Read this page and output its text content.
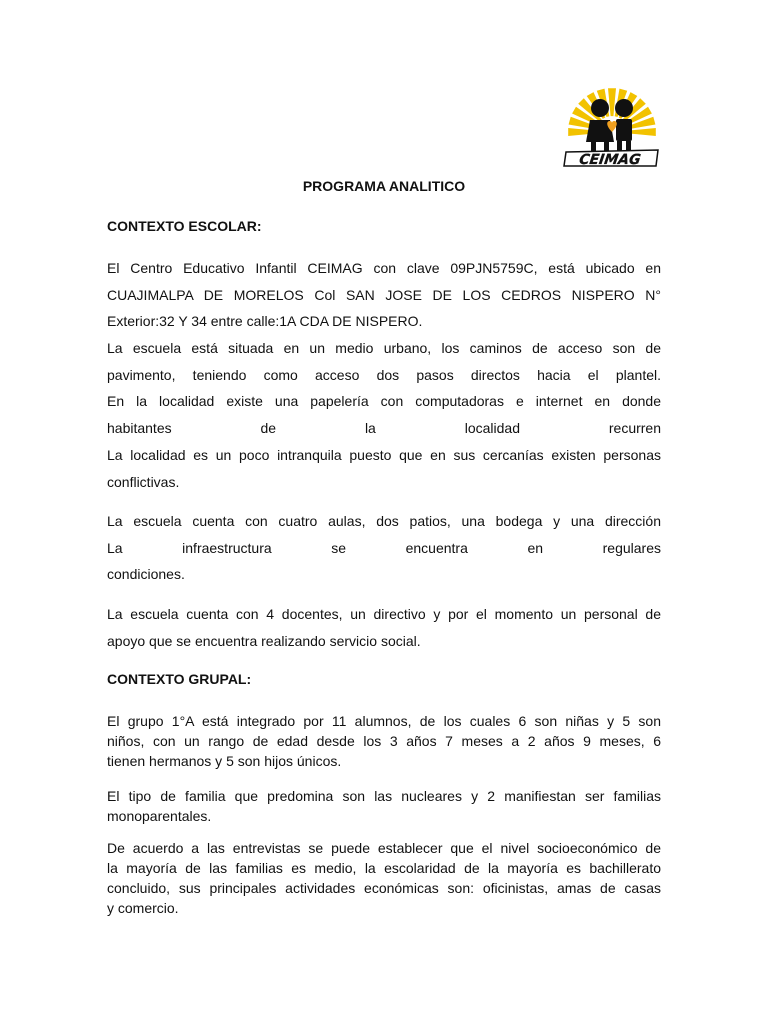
CEIMAG
PROGRAMA ANALITICO
CONTEXTO ESCOLAR:
El Centro Educativo Infantil CEIMAG con clave 09PJN5759C, está ubicado en
CUAJIMALPA DE MORELOS Col SAN JOSE DE LOS CEDROS NISPERO N°
Exterior:32 Y 34 entre calle:1A CDA DE NISPERO.
La escuela está situada en un medio urbano, los caminos de acceso son de
pavimento, teniendo como acceso dos pasos directos hacia el plantel.
En la localidad existe una papelería con computadoras e internet en donde
habitantes de la localidad recurren
La localidad es un poco intranquila puesto que en sus cercanías existen personas
conflictivas.
La escuela cuenta con cuatro aulas, dos patios, una bodega y una dirección
La infraestructura se encuentra en regulares
condiciones.
La escuela cuenta con 4 docentes, un directivo y por el momento un personal de
apoyo que se encuentra realizando servicio social.
CONTEXTO GRUPAL:
El grupo 1°A está integrado por 11 alumnos, de los cuales 6 son niñas y 5 son
niños, con un rango de edad desde los 3 años 7 meses a 2 años 9 meses, 6
tienen hermanos y 5 son hijos únicos.
El tipo de familia que predomina son las nucleares y 2 manifiestan ser familias
monoparentales.
De acuerdo a las entrevistas se puede establecer que el nivel socioeconómico de
la mayoría de las familias es medio, la escolaridad de la mayoría es bachillerato
concluido, sus principales actividades económicas son: oficinistas, amas de casas
y comercio.
